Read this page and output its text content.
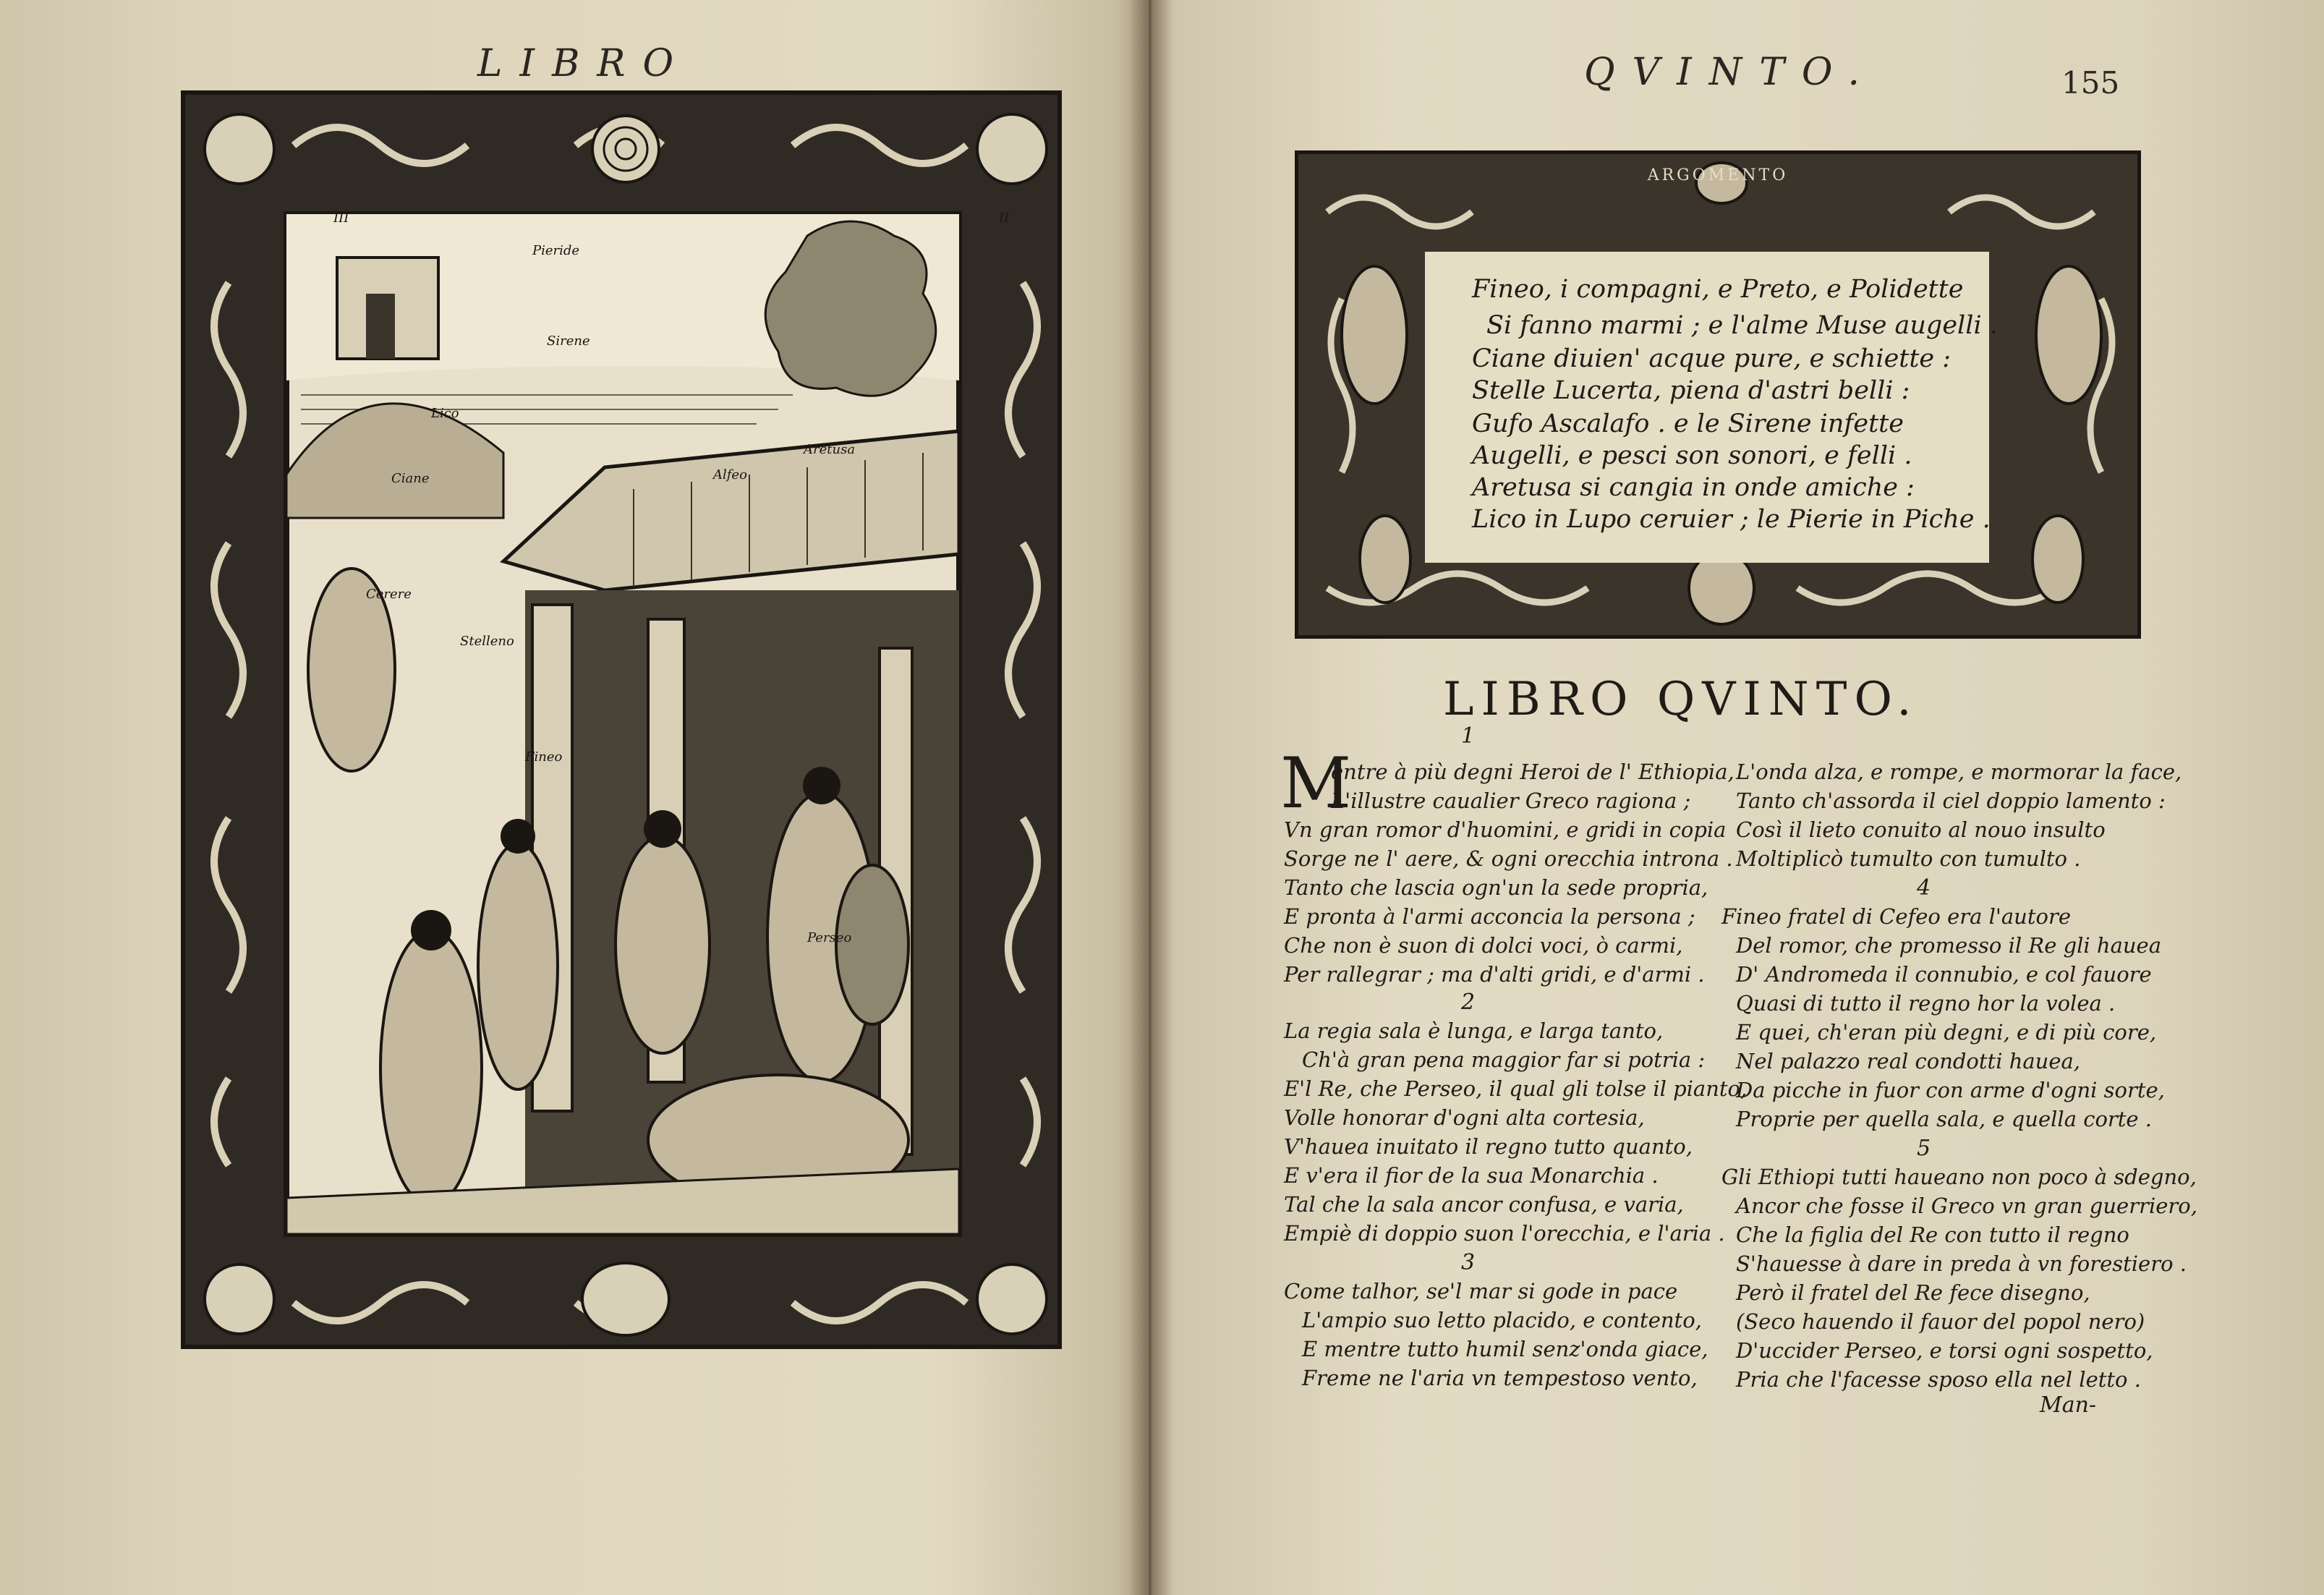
LIBRO
III	II
Pieride
Sirene
Lico
Ciane	Alfeo
Aretusa
Cerere
Stelleno
Fineo
Perseo
QVINTO.	155
ARGOMENTO
Fineo, i compagni, e Preto, e Polidette
Si fanno marmi ; e l'alme Muse augelli .
Ciane diuien' acque pure, e schiette :
Stelle Lucerta, piena d'astri belli :
Gufo Ascalafo . e le Sirene infette
Augelli, e pesci son sonori, e felli .
Aretusa si cangia in onde amiche :
Lico in Lupo ceruier ; le Pierie in Piche .
LIBRO QVINTO.
1
M
entre à più degni Heroi de l' Ethiopia,
L'illustre caualier Greco ragiona ;
Vn gran romor d'huomini, e gridi in copia
Sorge ne l' aere, & ogni orecchia introna .
Tanto che lascia ogn'un la sede propria,
E pronta à l'armi acconcia la persona ;
Che non è suon di dolci voci, ò carmi,
Per rallegrar ; ma d'alti gridi, e d'armi .
2
La regia sala è lunga, e larga tanto,
Ch'à gran pena maggior far si potria :
E'l Re, che Perseo, il qual gli tolse il pianto,
Volle honorar d'ogni alta cortesia,
V'hauea inuitato il regno tutto quanto,
E v'era il fior de la sua Monarchia .
Tal che la sala ancor confusa, e varia,
Empiè di doppio suon l'orecchia, e l'aria .
3
Come talhor, se'l mar si gode in pace
L'ampio suo letto placido, e contento,
E mentre tutto humil senz'onda giace,
Freme ne l'aria vn tempestoso vento,
L'onda alza, e rompe, e mormorar la face,
Tanto ch'assorda il ciel doppio lamento :
Così il lieto conuito al nouo insulto
Moltiplicò tumulto con tumulto .
4
Fineo fratel di Cefeo era l'autore
Del romor, che promesso il Re gli hauea
D' Andromeda il connubio, e col fauore
Quasi di tutto il regno hor la volea .
E quei, ch'eran più degni, e di più core,
Nel palazzo real condotti hauea,
Da picche in fuor con arme d'ogni sorte,
Proprie per quella sala, e quella corte .
5
Gli Ethiopi tutti haueano non poco à sdegno,
Ancor che fosse il Greco vn gran guerriero,
Che la figlia del Re con tutto il regno
S'hauesse à dare in preda à vn forestiero .
Però il fratel del Re fece disegno,
(Seco hauendo il fauor del popol nero)
D'uccider Perseo, e torsi ogni sospetto,
Pria che l'facesse sposo ella nel letto .
Man-
